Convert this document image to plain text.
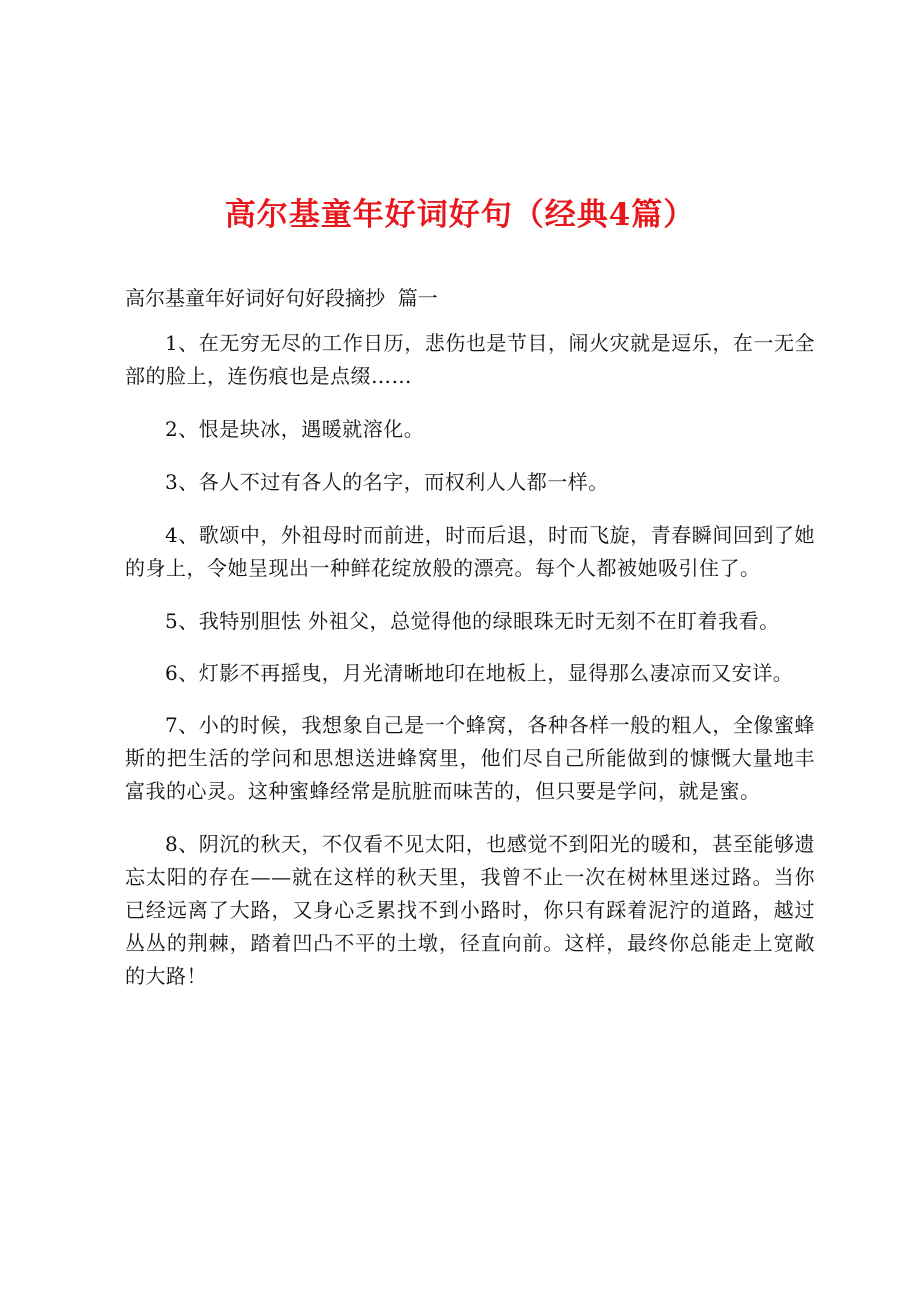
高尔基童年好词好句（经典4篇）
高尔基童年好词好句好段摘抄  篇一

1、在无穷无尽的工作日历，悲伤也是节目，闹火灾就是逗乐，在一无全部的脸上，连伤痕也是点缀……

2、恨是块冰，遇暖就溶化。

3、各人不过有各人的名字，而权利人人都一样。

4、歌颂中，外祖母时而前进，时而后退，时而飞旋，青春瞬间回到了她的身上，令她呈现出一种鲜花绽放般的漂亮。每个人都被她吸引住了。

5、我特别胆怯 外祖父，总觉得他的绿眼珠无时无刻不在盯着我看。

6、灯影不再摇曳，月光清晰地印在地板上，显得那么凄凉而又安详。

7、小的时候，我想象自己是一个蜂窝，各种各样一般的粗人，全像蜜蜂斯的把生活的学问和思想送进蜂窝里，他们尽自己所能做到的慷慨大量地丰富我的心灵。这种蜜蜂经常是肮脏而味苦的，但只要是学问，就是蜜。

8、阴沉的秋天，不仅看不见太阳，也感觉不到阳光的暖和，甚至能够遗忘太阳的存在——就在这样的秋天里，我曾不止一次在树林里迷过路。当你已经远离了大路，又身心乏累找不到小路时，你只有踩着泥泞的道路，越过丛丛的荆棘，踏着凹凸不平的土墩，径直向前。这样，最终你总能走上宽敞的大路！
